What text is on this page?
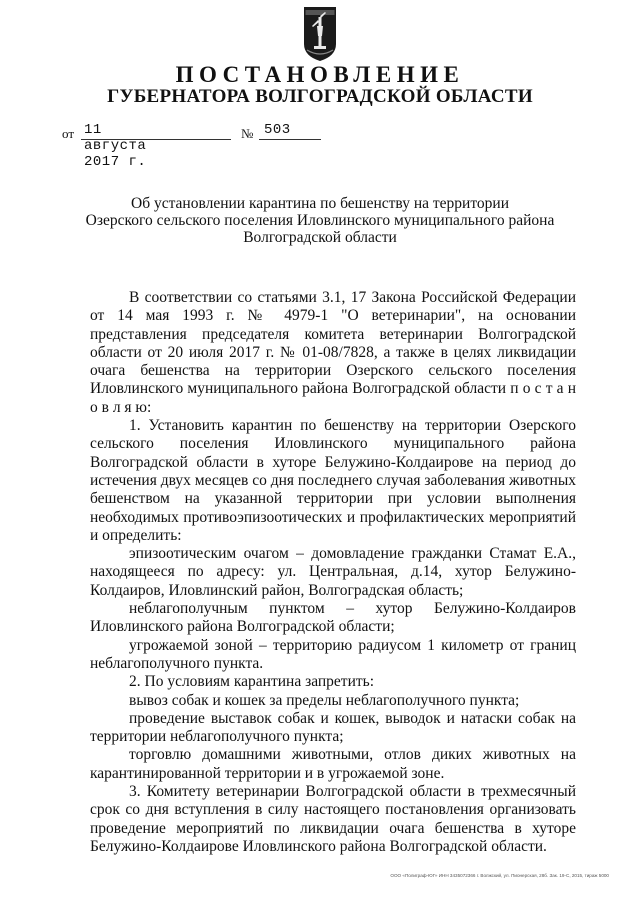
ПОСТАНОВЛЕНИЕ
ГУБЕРНАТОРА ВОЛГОГРАДСКОЙ ОБЛАСТИ
от 11 августа 2017 г.
№ 503
Об установлении карантина по бешенству на территории
Озерского сельского поселения Иловлинского муниципального района
Волгоградской области

В соответствии со статьями 3.1, 17 Закона Российской Федерации от 14 мая 1993 г. № 4979-1 "О ветеринарии", на основании представления председателя комитета ветеринарии Волгоградской области от 20 июля 2017 г. № 01-08/7828, а также в целях ликвидации очага бешенства на территории Озерского сельского поселения Иловлинского муниципального района Волгоградской области п о с т а н о в л я ю:

1. Установить карантин по бешенству на территории Озерского сельского поселения Иловлинского муниципального района Волгоградской области в хуторе Белужино-Колдаирове на период до истечения двух месяцев со дня последнего случая заболевания животных бешенством на указанной территории при условии выполнения необходимых противоэпизоотических и профилактических мероприятий и определить:

эпизоотическим очагом – домовладение гражданки Стамат Е.А., находящееся по адресу: ул. Центральная, д.14, хутор Белужино-Колдаиров, Иловлинский район, Волгоградская область;

неблагополучным пунктом – хутор Белужино-Колдаиров Иловлинского района Волгоградской области;

угрожаемой зоной – территорию радиусом 1 километр от границ неблагополучного пункта.

2. По условиям карантина запретить:

вывоз собак и кошек за пределы неблагополучного пункта;

проведение выставок собак и кошек, выводок и натаски собак на территории неблагополучного пункта;

торговлю домашними животными, отлов диких животных на карантинированной территории и в угрожаемой зоне.

3. Комитету ветеринарии Волгоградской области в трехмесячный срок со дня вступления в силу настоящего постановления организовать проведение мероприятий по ликвидации очага бешенства в хуторе Белужино-Колдаирове Иловлинского района Волгоградской области.

ООО «Полиграф-ЮГ» ИНН 3435072366 г. Волжский, ул. Пионерская, 28б. Зак. 19-С, 2015, тираж 5000
